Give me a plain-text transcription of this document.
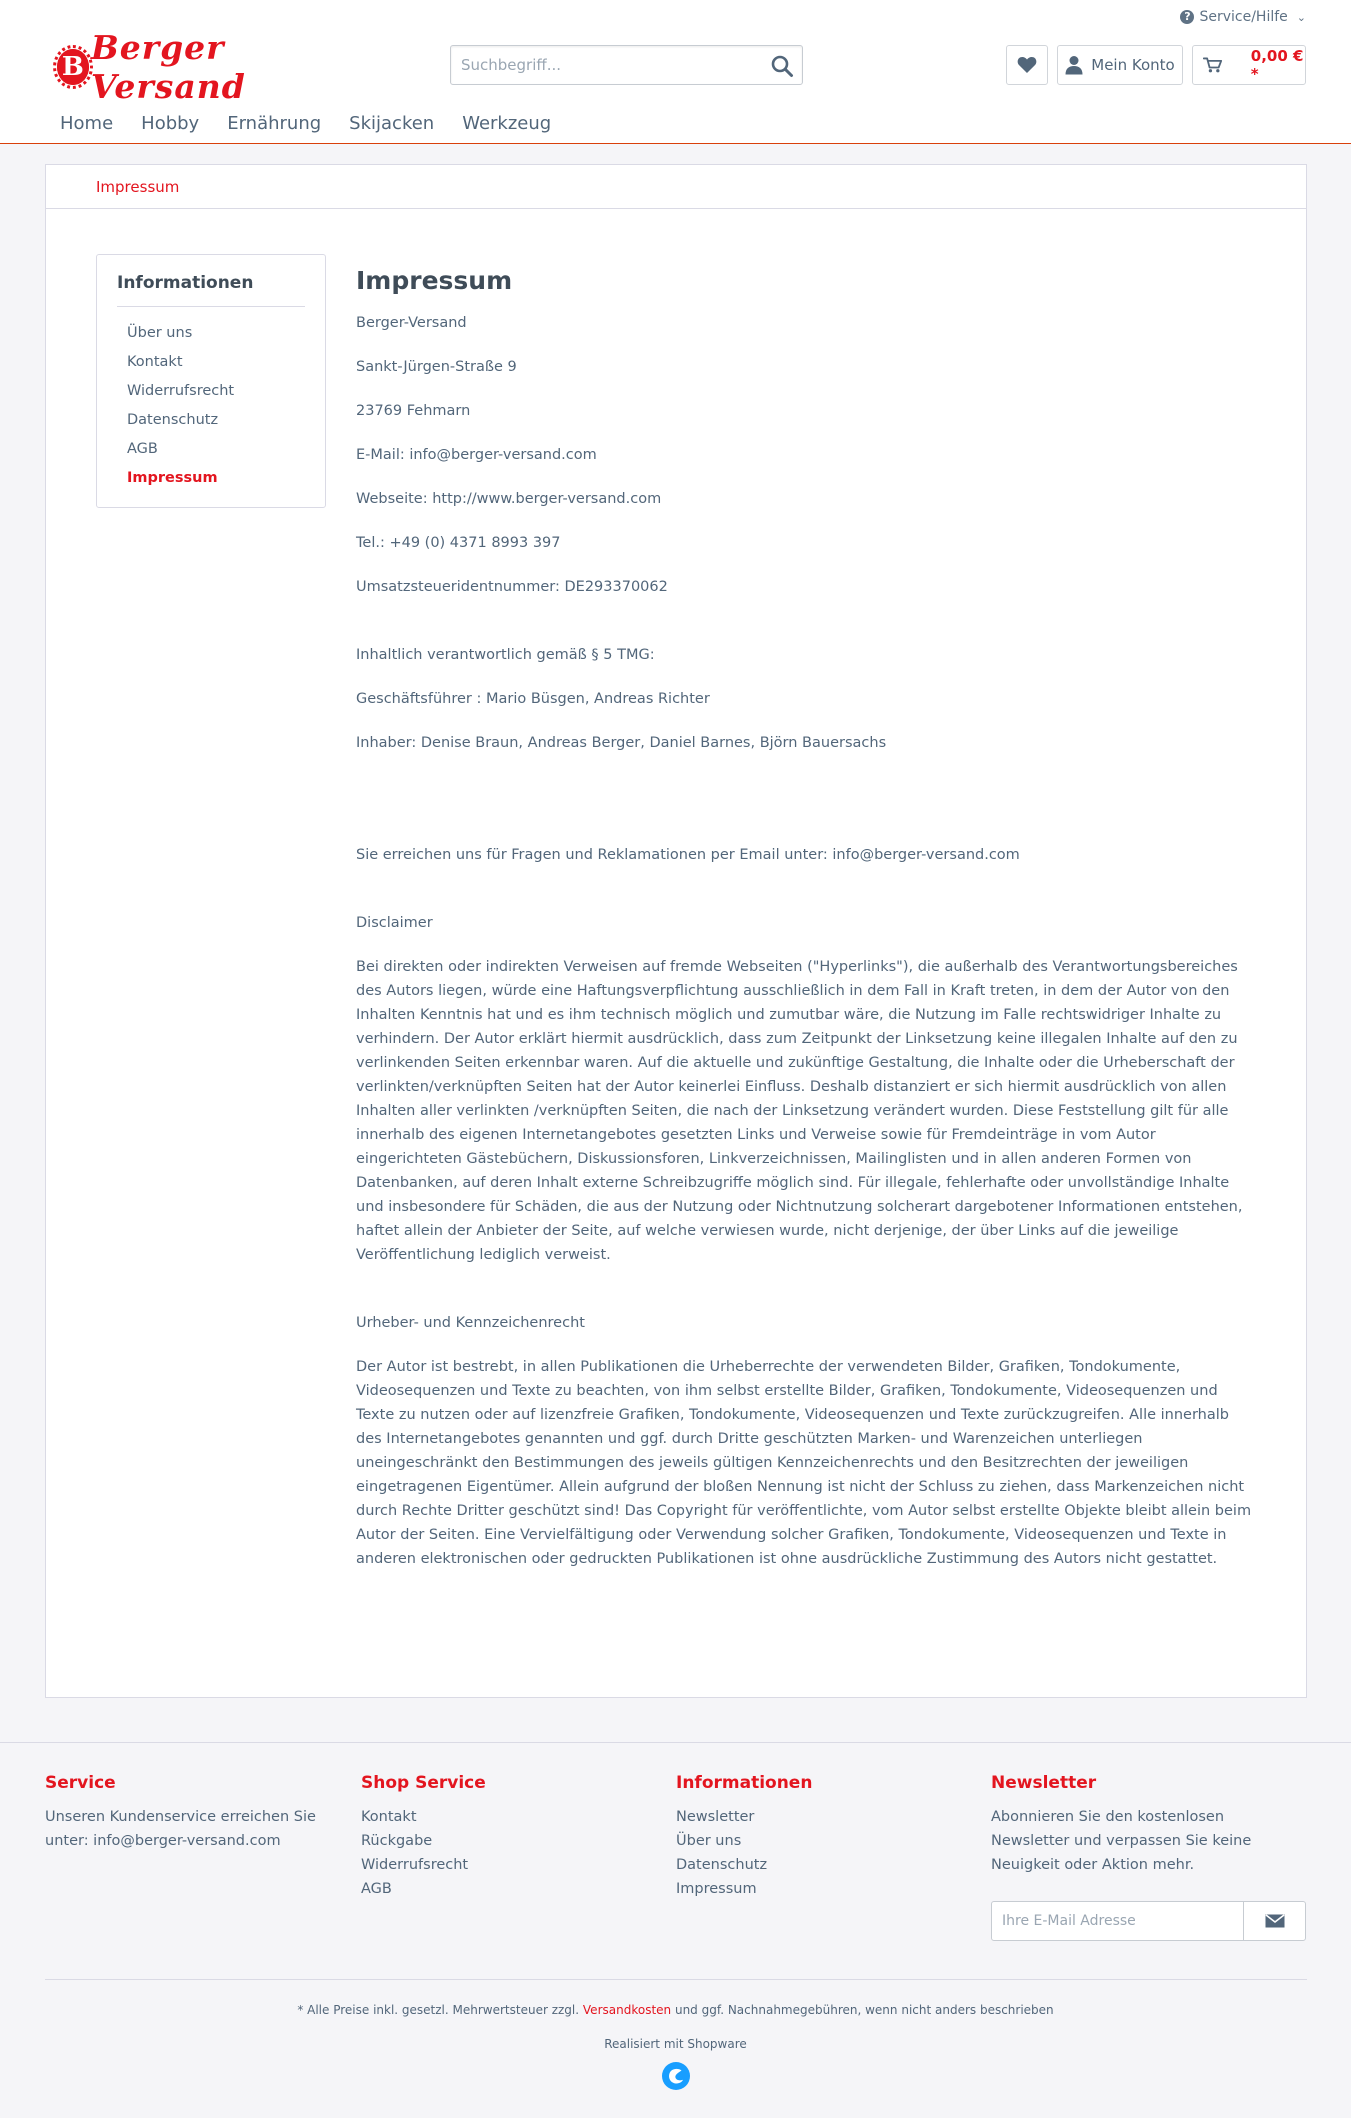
? Service/Hilfe ⌄
B Berger Versand
Suchbegriff...
Mein Konto	0,00 € *
Home Hobby Ernährung Skijacken Werkzeug
Impressum
Informationen
Über uns
Kontakt
Widerrufsrecht
Datenschutz
AGB
Impressum
Impressum

Berger-Versand

Sankt-Jürgen-Straße 9

23769 Fehmarn

E-Mail: info@berger-versand.com

Webseite: http://www.berger-versand.com

Tel.: +49 (0) 4371 8993 397

Umsatzsteueridentnummer: DE293370062

Inhaltlich verantwortlich gemäß § 5 TMG:

Geschäftsführer : Mario Büsgen, Andreas Richter

Inhaber: Denise Braun, Andreas Berger, Daniel Barnes, Björn Bauersachs

Sie erreichen uns für Fragen und Reklamationen per Email unter: info@berger-versand.com

Disclaimer

Bei direkten oder indirekten Verweisen auf fremde Webseiten ("Hyperlinks"), die außerhalb des Verantwortungsbereiches des Autors liegen, würde eine Haftungsverpflichtung ausschließlich in dem Fall in Kraft treten, in dem der Autor von den Inhalten Kenntnis hat und es ihm technisch möglich und zumutbar wäre, die Nutzung im Falle rechtswidriger Inhalte zu verhindern. Der Autor erklärt hiermit ausdrücklich, dass zum Zeitpunkt der Linksetzung keine illegalen Inhalte auf den zu verlinkenden Seiten erkennbar waren. Auf die aktuelle und zukünftige Gestaltung, die Inhalte oder die Urheberschaft der verlinkten/verknüpften Seiten hat der Autor keinerlei Einfluss. Deshalb distanziert er sich hiermit ausdrücklich von allen Inhalten aller verlinkten /verknüpften Seiten, die nach der Linksetzung verändert wurden. Diese Feststellung gilt für alle innerhalb des eigenen Internetangebotes gesetzten Links und Verweise sowie für Fremdeinträge in vom Autor eingerichteten Gästebüchern, Diskussionsforen, Linkverzeichnissen, Mailinglisten und in allen anderen Formen von Datenbanken, auf deren Inhalt externe Schreibzugriffe möglich sind. Für illegale, fehlerhafte oder unvollständige Inhalte und insbesondere für Schäden, die aus der Nutzung oder Nichtnutzung solcherart dargebotener Informationen entstehen, haftet allein der Anbieter der Seite, auf welche verwiesen wurde, nicht derjenige, der über Links auf die jeweilige Veröffentlichung lediglich verweist.

Urheber- und Kennzeichenrecht

Der Autor ist bestrebt, in allen Publikationen die Urheberrechte der verwendeten Bilder, Grafiken, Tondokumente, Videosequenzen und Texte zu beachten, von ihm selbst erstellte Bilder, Grafiken, Tondokumente, Videosequenzen und Texte zu nutzen oder auf lizenzfreie Grafiken, Tondokumente, Videosequenzen und Texte zurückzugreifen. Alle innerhalb des Internetangebotes genannten und ggf. durch Dritte geschützten Marken- und Warenzeichen unterliegen uneingeschränkt den Bestimmungen des jeweils gültigen Kennzeichenrechts und den Besitzrechten der jeweiligen eingetragenen Eigentümer. Allein aufgrund der bloßen Nennung ist nicht der Schluss zu ziehen, dass Markenzeichen nicht durch Rechte Dritter geschützt sind! Das Copyright für veröffentlichte, vom Autor selbst erstellte Objekte bleibt allein beim Autor der Seiten. Eine Vervielfältigung oder Verwendung solcher Grafiken, Tondokumente, Videosequenzen und Texte in anderen elektronischen oder gedruckten Publikationen ist ohne ausdrückliche Zustimmung des Autors nicht gestattet.

Service

Unseren Kundenservice erreichen Sie unter: info@berger-versand.com

Shop Service
Kontakt
Rückgabe
Widerrufsrecht
AGB
Informationen
Newsletter
Über uns
Datenschutz
Impressum
Newsletter

Abonnieren Sie den kostenlosen Newsletter und verpassen Sie keine Neuigkeit oder Aktion mehr.

Ihre E-Mail Adresse
* Alle Preise inkl. gesetzl. Mehrwertsteuer zzgl. Versandkosten und ggf. Nachnahmegebühren, wenn nicht anders beschrieben
Realisiert mit Shopware
